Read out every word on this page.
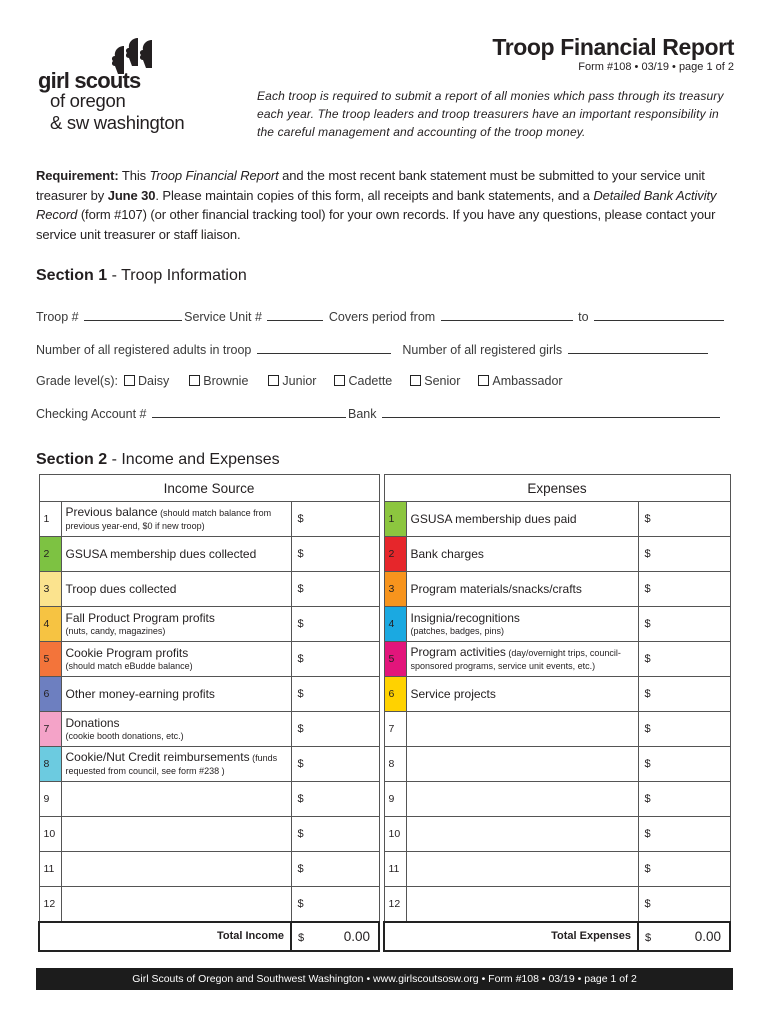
girl scouts
of oregon
& sw washington
Troop Financial Report
Form #108 • 03/19 • page 1 of 2
Each troop is required to submit a report of all monies which pass through its treasury each year. The troop leaders and troop treasurers have an important responsibility in the careful management and accounting of the troop money.
Requirement: This Troop Financial Report and the most recent bank statement must be submitted to your service unit treasurer by June 30. Please maintain copies of this form, all receipts and bank statements, and a Detailed Bank Activity Record (form #107) (or other financial tracking tool) for your own records. If you have any questions, please contact your service unit treasurer or staff liaison.
Section 1 - Troop Information
Troop #	Service Unit #	Covers period from	to
Number of all registered adults in troop	Number of all registered girls
Grade level(s): Daisy	Brownie	Junior	Cadette	Senior	Ambassador
Checking Account #	Bank
Section 2 - Income and Expenses
Income Source		
1	Previous balance (should match balance from
previous year-end, $0 if new troop)	$
2	GSUSA membership dues collected	$
3	Troop dues collected	$
4	Fall Product Program profits
(nuts, candy, magazines)	$
5	Cookie Program profits
(should match eBudde balance)	$
6	Other money-earning profits	$
7	Donations
(cookie booth donations, etc.)	$
8	Cookie/Nut Credit reimbursements (funds
requested from council, see form #238 )	$
9		$
10		$
11		$
12		$
Total Income		$ 0.00
Expenses		
1	GSUSA membership dues paid	$
2	Bank charges	$
3	Program materials/snacks/crafts	$
4	Insignia/recognitions
(patches, badges, pins)	$
5	Program activities (day/overnight trips, council-
sponsored programs, service unit events, etc.)	$
6	Service projects	$
7		$
8		$
9		$
10		$
11		$
12		$
Total Expenses		$ 0.00
Girl Scouts of Oregon and Southwest Washington • www.girlscoutsosw.org • Form #108 • 03/19 • page 1 of 2
